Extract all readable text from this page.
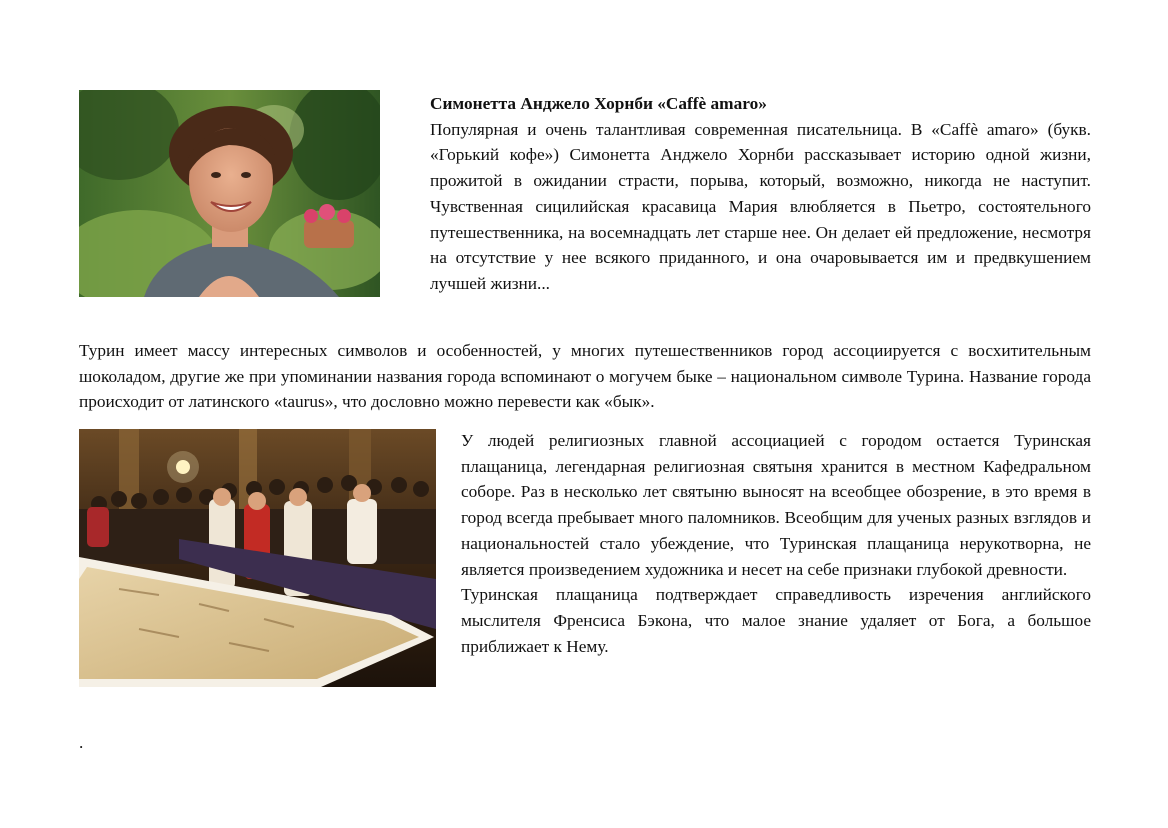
Симонетта Анджело Хорнби «Caffè amaro»
Популярная и очень талантливая современная писательница. В «Caffè amaro» (букв. «Горький кофе») Симонетта Анджело Хорнби рассказывает историю одной жизни, прожитой в ожидании страсти, порыва, который, возможно, никогда не наступит. Чувственная сицилийская красавица Мария влюбляется в Пьетро, состоятельного путешественника, на восемнадцать лет старше нее. Он делает ей предложение, несмотря на отсутствие у нее всякого приданного, и она очаровывается им и предвкушением лучшей жизни...

Турин имеет массу интересных символов и особенностей, у многих путешественников город ассоциируется с восхитительным шоколадом, другие же при упоминании названия города вспоминают о могучем быке – национальном символе Турина. Название города происходит от латинского «taurus», что дословно можно перевести как «бык».

У людей религиозных главной ассоциацией с городом остается Туринская плащаница, легендарная религиозная святыня хранится в местном Кафедральном соборе. Раз в несколько лет святыню выносят на всеобщее обозрение, в это время в город всегда пребывает много паломников. Всеобщим для ученых разных взглядов и национальностей стало убеждение, что Туринская плащаница нерукотворна, не является произведением художника и несет на себе признаки глубокой древности.
Туринская плащаница подтверждает справедливость изречения английского мыслителя Френсиса Бэкона, что малое знание удаляет от Бога, а большое приближает к Нему.
.
